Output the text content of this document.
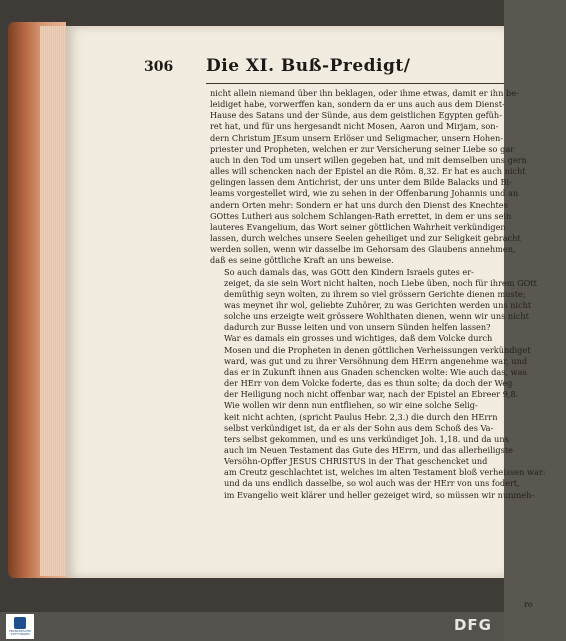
306	Die XI. Buß-Predigt/

nicht allein niemand über ihn beklagen, oder ihme etwas, damit er ihn be-
leidiget habe, vorwerffen kan, sondern da er uns auch aus dem Dienst-
Hause des Satans und der Sünde, aus dem geistlichen Egypten gefüh-
ret hat, und für uns hergesandt nicht Mosen, Aaron und Mirjam, son-
dern Christum JEsum unsern Erlöser und Seligmacher, unsern Hohen-
priester und Propheten, welchen er zur Versicherung seiner Liebe so gar
auch in den Tod um unsert willen gegeben hat, und mit demselben uns gern
alles will schencken nach der Epistel an die Röm. 8,32. Er hat es auch nicht
gelingen lassen dem Antichrist, der uns unter dem Bilde Balacks und Bi-
leams vorgestellet wird, wie zu sehen in der Offenbarung Johannis und an
andern Orten mehr: Sondern er hat uns durch den Dienst des Knechtes
GOttes Lutheri aus solchem Schlangen-Rath errettet, in dem er uns sein
lauteres Evangelium, das Wort seiner göttlichen Wahrheit verkündigen
lassen, durch welches unsere Seelen geheiliget und zur Seligkeit gebracht
werden sollen, wenn wir dasselbe im Gehorsam des Glaubens annehmen,
daß es seine göttliche Kraft an uns beweise.

So auch damals das, was GOtt den Kindern Israels gutes er-
zeiget, da sie sein Wort nicht halten, noch Liebe üben, noch für ihrem GOtt
demüthig seyn wolten, zu ihrem so viel grössern Gerichte dienen muste;
was meynet ihr wol, geliebte Zuhörer, zu was Gerichten werden uns nicht
solche uns erzeigte weit grössere Wohlthaten dienen, wenn wir uns nicht
dadurch zur Busse leiten und von unsern Sünden helfen lassen?

War es damals ein grosses und wichtiges, daß dem Volcke durch
Mosen und die Propheten in denen göttlichen Verheissungen verkündiget
ward, was gut und zu ihrer Versöhnung dem HErrn angenehme war, und
das er in Zukunft ihnen aus Gnaden schencken wolte: Wie auch das, was
der HErr von dem Volcke foderte, das es thun solte; da doch der Weg
der Heiligung noch nicht offenbar war, nach der Epistel an Ebreer 9,8.
Wie wollen wir denn nun entfliehen, so wir eine solche Selig-
keit nicht achten, (spricht Paulus Hebr. 2,3.) die durch den HErrn
selbst verkündiget ist, da er als der Sohn aus dem Schoß des Va-
ters selbst gekommen, und es uns verkündiget Joh. 1,18. und da uns
auch im Neuen Testament das Gute des HErrn, und das allerheiligste
Versöhn-Opffer JESUS CHRISTUS in der That geschencket und
am Creutz geschlachtet ist, welches im alten Testament bloß verheissen war:
und da uns endlich dasselbe, so wol auch was der HErr von uns fodert,
im Evangelio weit klärer und heller gezeiget wird, so müssen wir nunmeh-

ro
FRANCKESCHE STIFTUNGEN	DFG
